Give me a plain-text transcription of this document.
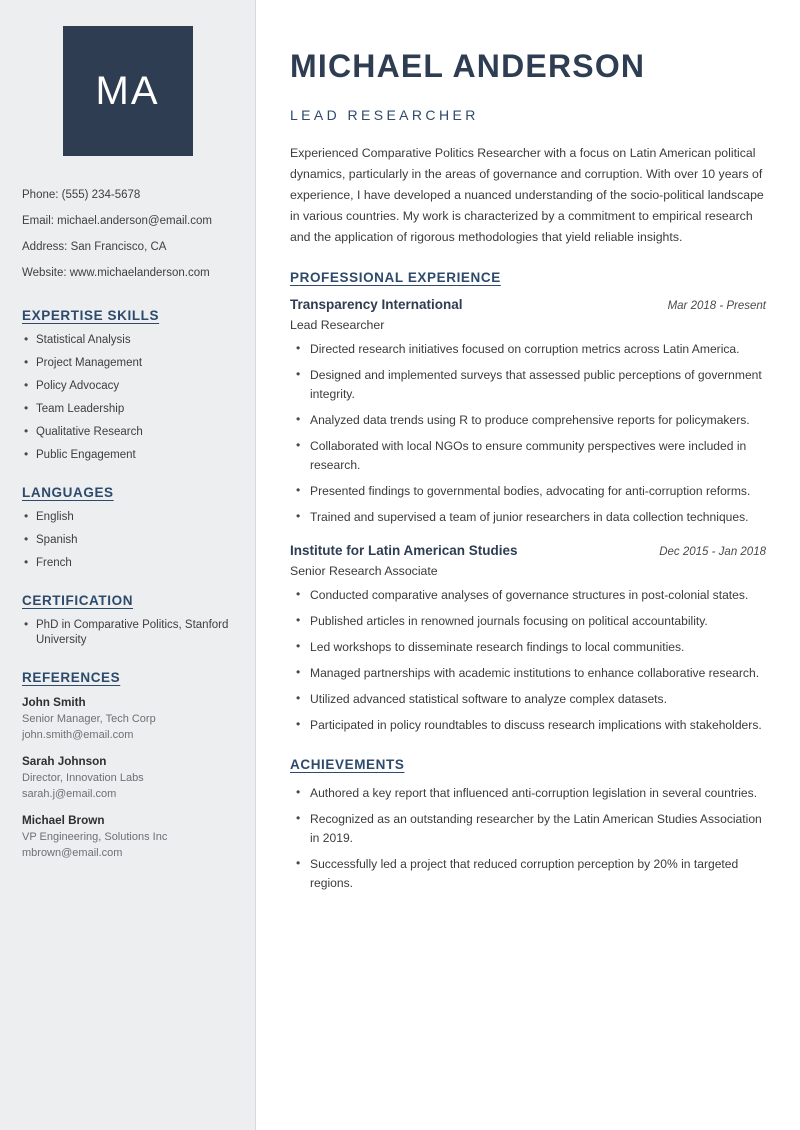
MA
Phone: (555) 234-5678
Email: michael.anderson@email.com
Address: San Francisco, CA
Website: www.michaelanderson.com
EXPERTISE SKILLS
• Statistical Analysis
• Project Management
• Policy Advocacy
• Team Leadership
• Qualitative Research
• Public Engagement
LANGUAGES
• English
• Spanish
• French
CERTIFICATION
• PhD in Comparative Politics, Stanford University
REFERENCES
John Smith
Senior Manager, Tech Corp
john.smith@email.com
Sarah Johnson
Director, Innovation Labs
sarah.j@email.com
Michael Brown
VP Engineering, Solutions Inc
mbrown@email.com
MICHAEL ANDERSON
LEAD RESEARCHER

Experienced Comparative Politics Researcher with a focus on Latin American political dynamics, particularly in the areas of governance and corruption. With over 10 years of experience, I have developed a nuanced understanding of the socio-political landscape in various countries. My work is characterized by a commitment to empirical research and the application of rigorous methodologies that yield reliable insights.

PROFESSIONAL EXPERIENCE
Transparency International	Mar 2018 - Present
Lead Researcher
• Directed research initiatives focused on corruption metrics across Latin America.
• Designed and implemented surveys that assessed public perceptions of government integrity.
• Analyzed data trends using R to produce comprehensive reports for policymakers.
• Collaborated with local NGOs to ensure community perspectives were included in research.
• Presented findings to governmental bodies, advocating for anti-corruption reforms.
• Trained and supervised a team of junior researchers in data collection techniques.
Institute for Latin American Studies	Dec 2015 - Jan 2018
Senior Research Associate
• Conducted comparative analyses of governance structures in post-colonial states.
• Published articles in renowned journals focusing on political accountability.
• Led workshops to disseminate research findings to local communities.
• Managed partnerships with academic institutions to enhance collaborative research.
• Utilized advanced statistical software to analyze complex datasets.
• Participated in policy roundtables to discuss research implications with stakeholders.
ACHIEVEMENTS
• Authored a key report that influenced anti-corruption legislation in several countries.
• Recognized as an outstanding researcher by the Latin American Studies Association in 2019.
• Successfully led a project that reduced corruption perception by 20% in targeted regions.
